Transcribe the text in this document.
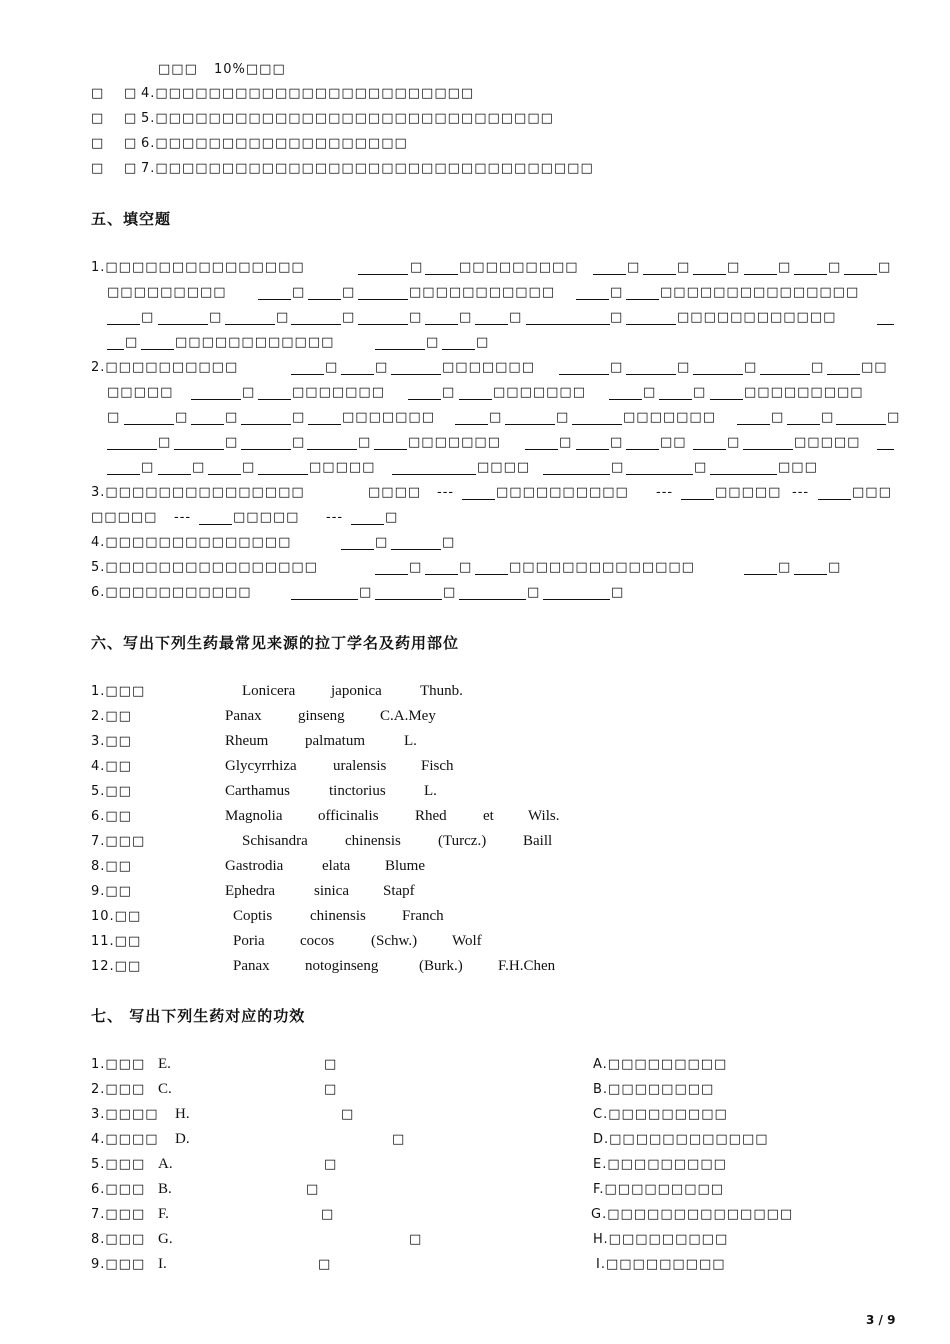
□□□ 10%□□□
□ □ 4.□□□□□□□□□□□□□□□□□□□□□□□□
□ □ 5.□□□□□□□□□□□□□□□□□□□□□□□□□□□□□□
□ □ 6.□□□□□□□□□□□□□□□□□□□
□ □ 7.□□□□□□□□□□□□□□□□□□□□□□□□□□□□□□□□□
五、填空题
1.□□□□□□□□□□□□□□□	□	□□□□□□□□□	□	□	□	□	□	□
□□□□□□□□□	□	□	□□□□□□□□□□□	□	□□□□□□□□□□□□□□□
□	□	□	□	□	□	□	□	□□□□□□□□□□□□
□	□□□□□□□□□□□□	□	□
2.□□□□□□□□□□	□	□	□□□□□□□	□	□	□	□	□□
□□□□□	□	□□□□□□□	□	□□□□□□□	□	□	□□□□□□□□□
□	□	□	□	□□□□□□□	□	□	□□□□□□□	□	□	□
□	□	□	□	□□□□□□□	□	□	□□	□	□□□□□
□	□	□	□□□□□	□□□□	□	□	□□□
3.□□□□□□□□□□□□□□□	□□□□ ---	□□□□□□□□□□ ---	□□□□□ ---	□□□
□□□□□ ---	□□□□□ ---	□
4.□□□□□□□□□□□□□□	□	□
5.□□□□□□□□□□□□□□□□	□	□	□□□□□□□□□□□□□□	□	□
6.□□□□□□□□□□□	□	□	□	□
六、写出下列生药最常见来源的拉丁学名及药用部位
1.□□□	Lonicera japonica	Thunb.
2.□□	Panax ginseng C.A.Mey
3.□□	Rheum palmatum	L.
4.□□	Glycyrrhiza uralensis Fisch
5.□□	Carthamus	tinctorius	L.
6.□□	Magnolia officinalis Rhed et Wils.
7.□□□	Schisandra chinensis (Turcz.) Baill
8.□□	Gastrodia	elata Blume
9.□□	Ephedra	sinica Stapf
10.□□	Coptis	chinensis Franch
11.□□	Poria cocos (Schw.) Wolf
12.□□	Panax notoginseng	(Burk.) F.H.Chen
七、 写出下列生药对应的功效
1.□□□ E.	□	A.□□□□□□□□□
2.□□□ C.	□	B.□□□□□□□□
3.□□□□ H.	□	C.□□□□□□□□□
4.□□□□ D.	□	D.□□□□□□□□□□□□
5.□□□ A.	□	E.□□□□□□□□□
6.□□□ B.	□	F.□□□□□□□□□
7.□□□ F.	□	G.□□□□□□□□□□□□□□
8.□□□ G.	□	H.□□□□□□□□□
9.□□□ I.	□	I.□□□□□□□□□
3 / 9
